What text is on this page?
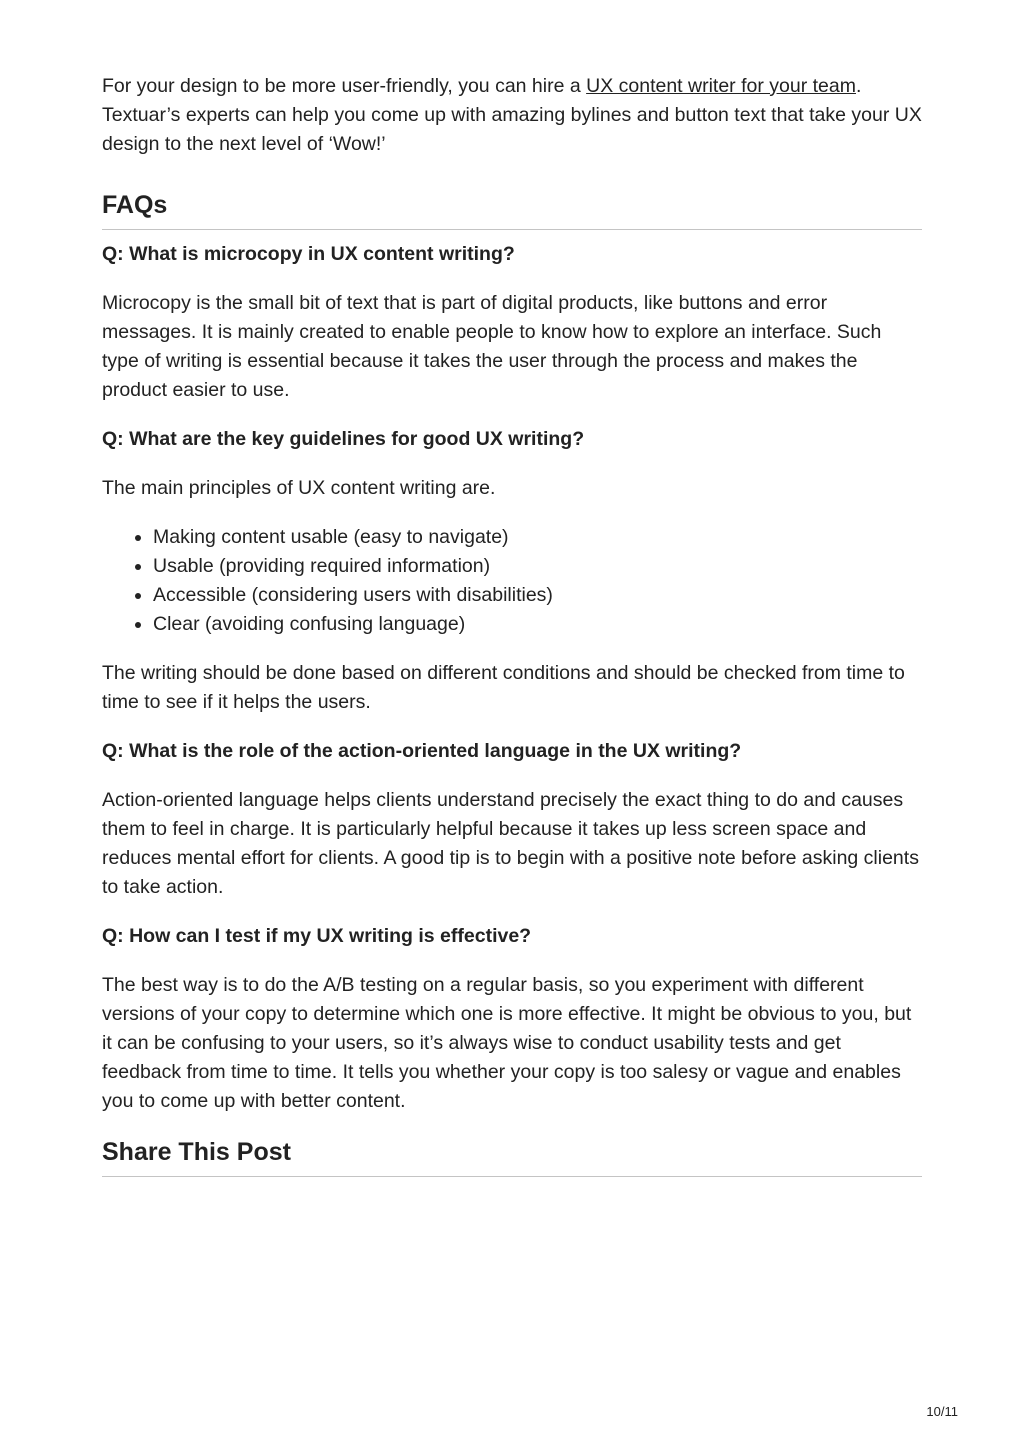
For your design to be more user-friendly, you can hire a UX content writer for your team. Textuar’s experts can help you come up with amazing bylines and button text that take your UX design to the next level of ‘Wow!’

FAQs

Q: What is microcopy in UX content writing?

Microcopy is the small bit of text that is part of digital products, like buttons and error messages. It is mainly created to enable people to know how to explore an interface. Such type of writing is essential because it takes the user through the process and makes the product easier to use.

Q: What are the key guidelines for good UX writing?

The main principles of UX content writing are.

• Making content usable (easy to navigate)
• Usable (providing required information)
• Accessible (considering users with disabilities)
• Clear (avoiding confusing language)

The writing should be done based on different conditions and should be checked from time to time to see if it helps the users.

Q: What is the role of the action-oriented language in the UX writing?

Action-oriented language helps clients understand precisely the exact thing to do and causes them to feel in charge. It is particularly helpful because it takes up less screen space and reduces mental effort for clients. A good tip is to begin with a positive note before asking clients to take action.

Q: How can I test if my UX writing is effective?

The best way is to do the A/B testing on a regular basis, so you experiment with different versions of your copy to determine which one is more effective. It might be obvious to you, but it can be confusing to your users, so it’s always wise to conduct usability tests and get feedback from time to time. It tells you whether your copy is too salesy or vague and enables you to come up with better content.

Share This Post
10/11
